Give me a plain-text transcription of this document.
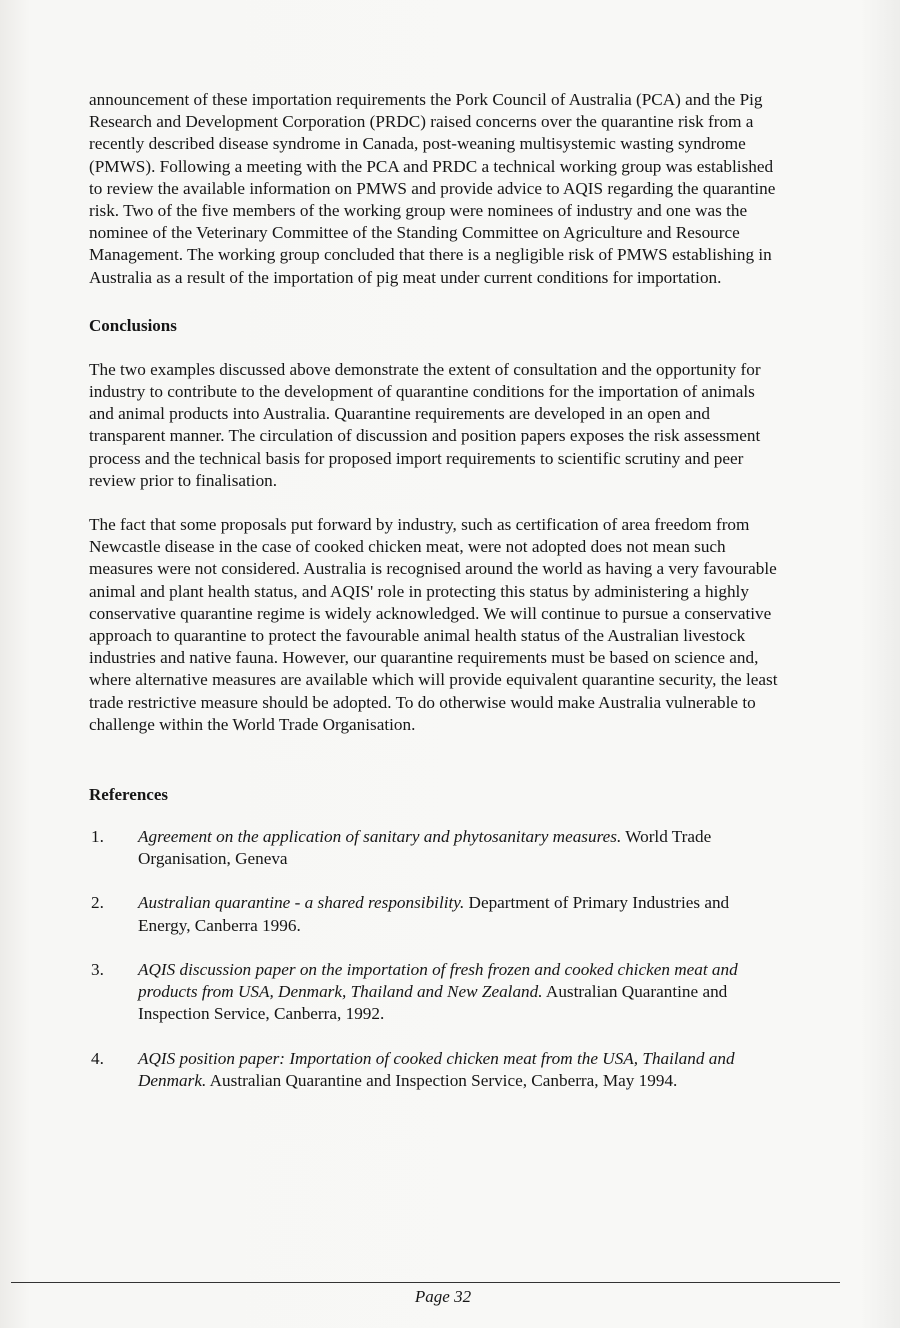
announcement of these importation requirements the Pork Council of Australia (PCA) and the Pig Research and Development Corporation (PRDC) raised concerns over the quarantine risk from a recently described disease syndrome in Canada, post-weaning multisystemic wasting syndrome (PMWS). Following a meeting with the PCA and PRDC a technical working group was established to review the available information on PMWS and provide advice to AQIS regarding the quarantine risk. Two of the five members of the working group were nominees of industry and one was the nominee of the Veterinary Committee of the Standing Committee on Agriculture and Resource Management. The working group concluded that there is a negligible risk of PMWS establishing in Australia as a result of the importation of pig meat under current conditions for importation.

Conclusions

The two examples discussed above demonstrate the extent of consultation and the opportunity for industry to contribute to the development of quarantine conditions for the importation of animals and animal products into Australia. Quarantine requirements are developed in an open and transparent manner. The circulation of discussion and position papers exposes the risk assessment process and the technical basis for proposed import requirements to scientific scrutiny and peer review prior to finalisation.

The fact that some proposals put forward by industry, such as certification of area freedom from Newcastle disease in the case of cooked chicken meat, were not adopted does not mean such measures were not considered. Australia is recognised around the world as having a very favourable animal and plant health status, and AQIS' role in protecting this status by administering a highly conservative quarantine regime is widely acknowledged. We will continue to pursue a conservative approach to quarantine to protect the favourable animal health status of the Australian livestock industries and native fauna. However, our quarantine requirements must be based on science and, where alternative measures are available which will provide equivalent quarantine security, the least trade restrictive measure should be adopted. To do otherwise would make Australia vulnerable to challenge within the World Trade Organisation.

References
1. Agreement on the application of sanitary and phytosanitary measures. World Trade Organisation, Geneva
2. Australian quarantine - a shared responsibility. Department of Primary Industries and Energy, Canberra 1996.
3. AQIS discussion paper on the importation of fresh frozen and cooked chicken meat and products from USA, Denmark, Thailand and New Zealand. Australian Quarantine and Inspection Service, Canberra, 1992.
4. AQIS position paper: Importation of cooked chicken meat from the USA, Thailand and Denmark. Australian Quarantine and Inspection Service, Canberra, May 1994.
Page 32
